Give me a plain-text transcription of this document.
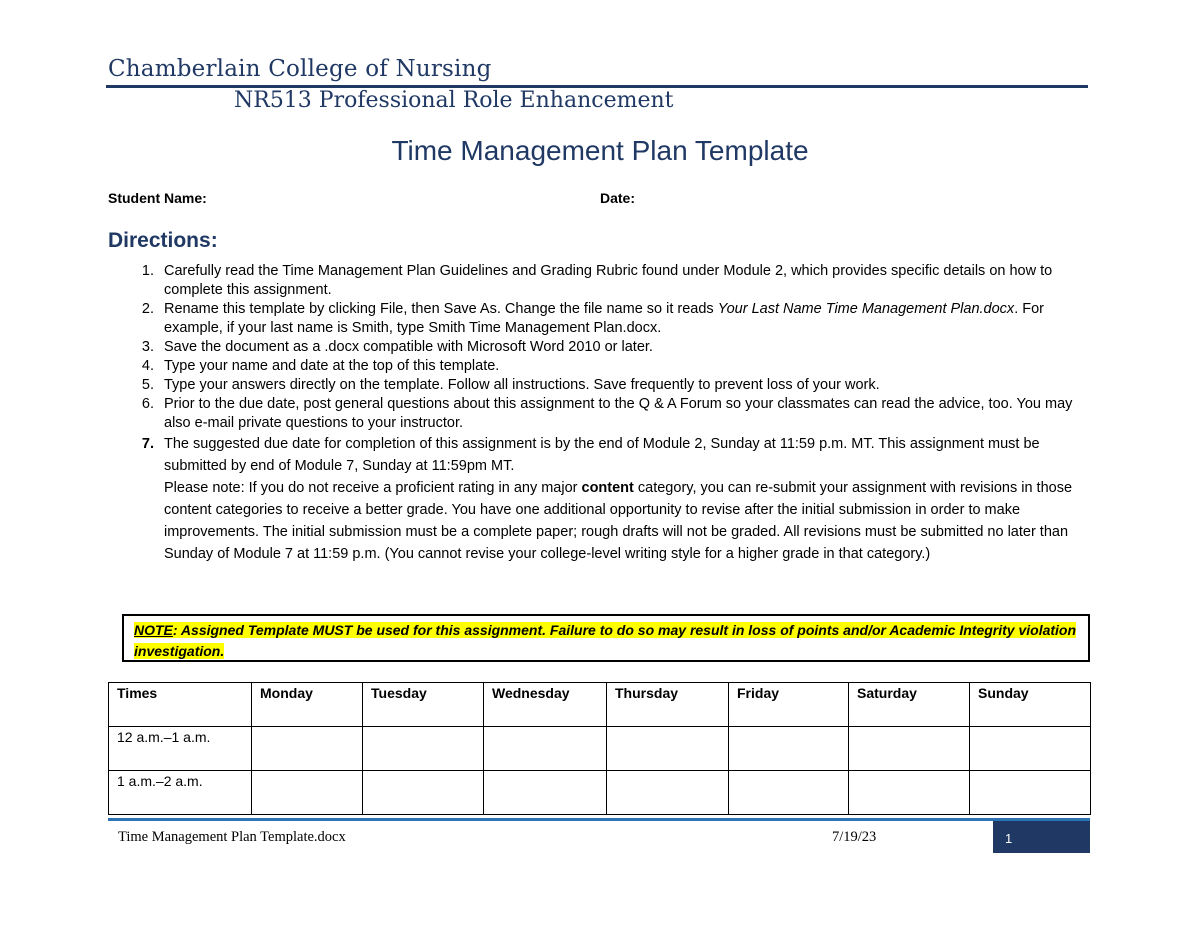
Chamberlain College of Nursing
NR513 Professional Role Enhancement
Time Management Plan Template
Student Name:	Date:
Directions:
1. Carefully read the Time Management Plan Guidelines and Grading Rubric found under Module 2, which provides specific details on how to complete this assignment.
2. Rename this template by clicking File, then Save As. Change the file name so it reads Your Last Name Time Management Plan.docx. For example, if your last name is Smith, type Smith Time Management Plan.docx.
3. Save the document as a .docx compatible with Microsoft Word 2010 or later.
4. Type your name and date at the top of this template.
5. Type your answers directly on the template. Follow all instructions. Save frequently to prevent loss of your work.
6. Prior to the due date, post general questions about this assignment to the Q & A Forum so your classmates can read the advice, too. You may also e-mail private questions to your instructor.
7. The suggested due date for completion of this assignment is by the end of Module 2, Sunday at 11:59 p.m. MT. This assignment must be submitted by end of Module 7, Sunday at 11:59pm MT.
Please note: If you do not receive a proficient rating in any major content category, you can re-submit your assignment with revisions in those content categories to receive a better grade. You have one additional opportunity to revise after the initial submission in order to make improvements. The initial submission must be a complete paper; rough drafts will not be graded. All revisions must be submitted no later than Sunday of Module 7 at 11:59 p.m. (You cannot revise your college-level writing style for a higher grade in that category.)
NOTE: Assigned Template MUST be used for this assignment. Failure to do so may result in loss of points and/or Academic Integrity violation investigation.
Times	Monday	Tuesday	Wednesday	Thursday	Friday	Saturday	Sunday
12 a.m.–1 a.m.							
1 a.m.–2 a.m.							
Time Management Plan Template.docx	7/19/23	1
